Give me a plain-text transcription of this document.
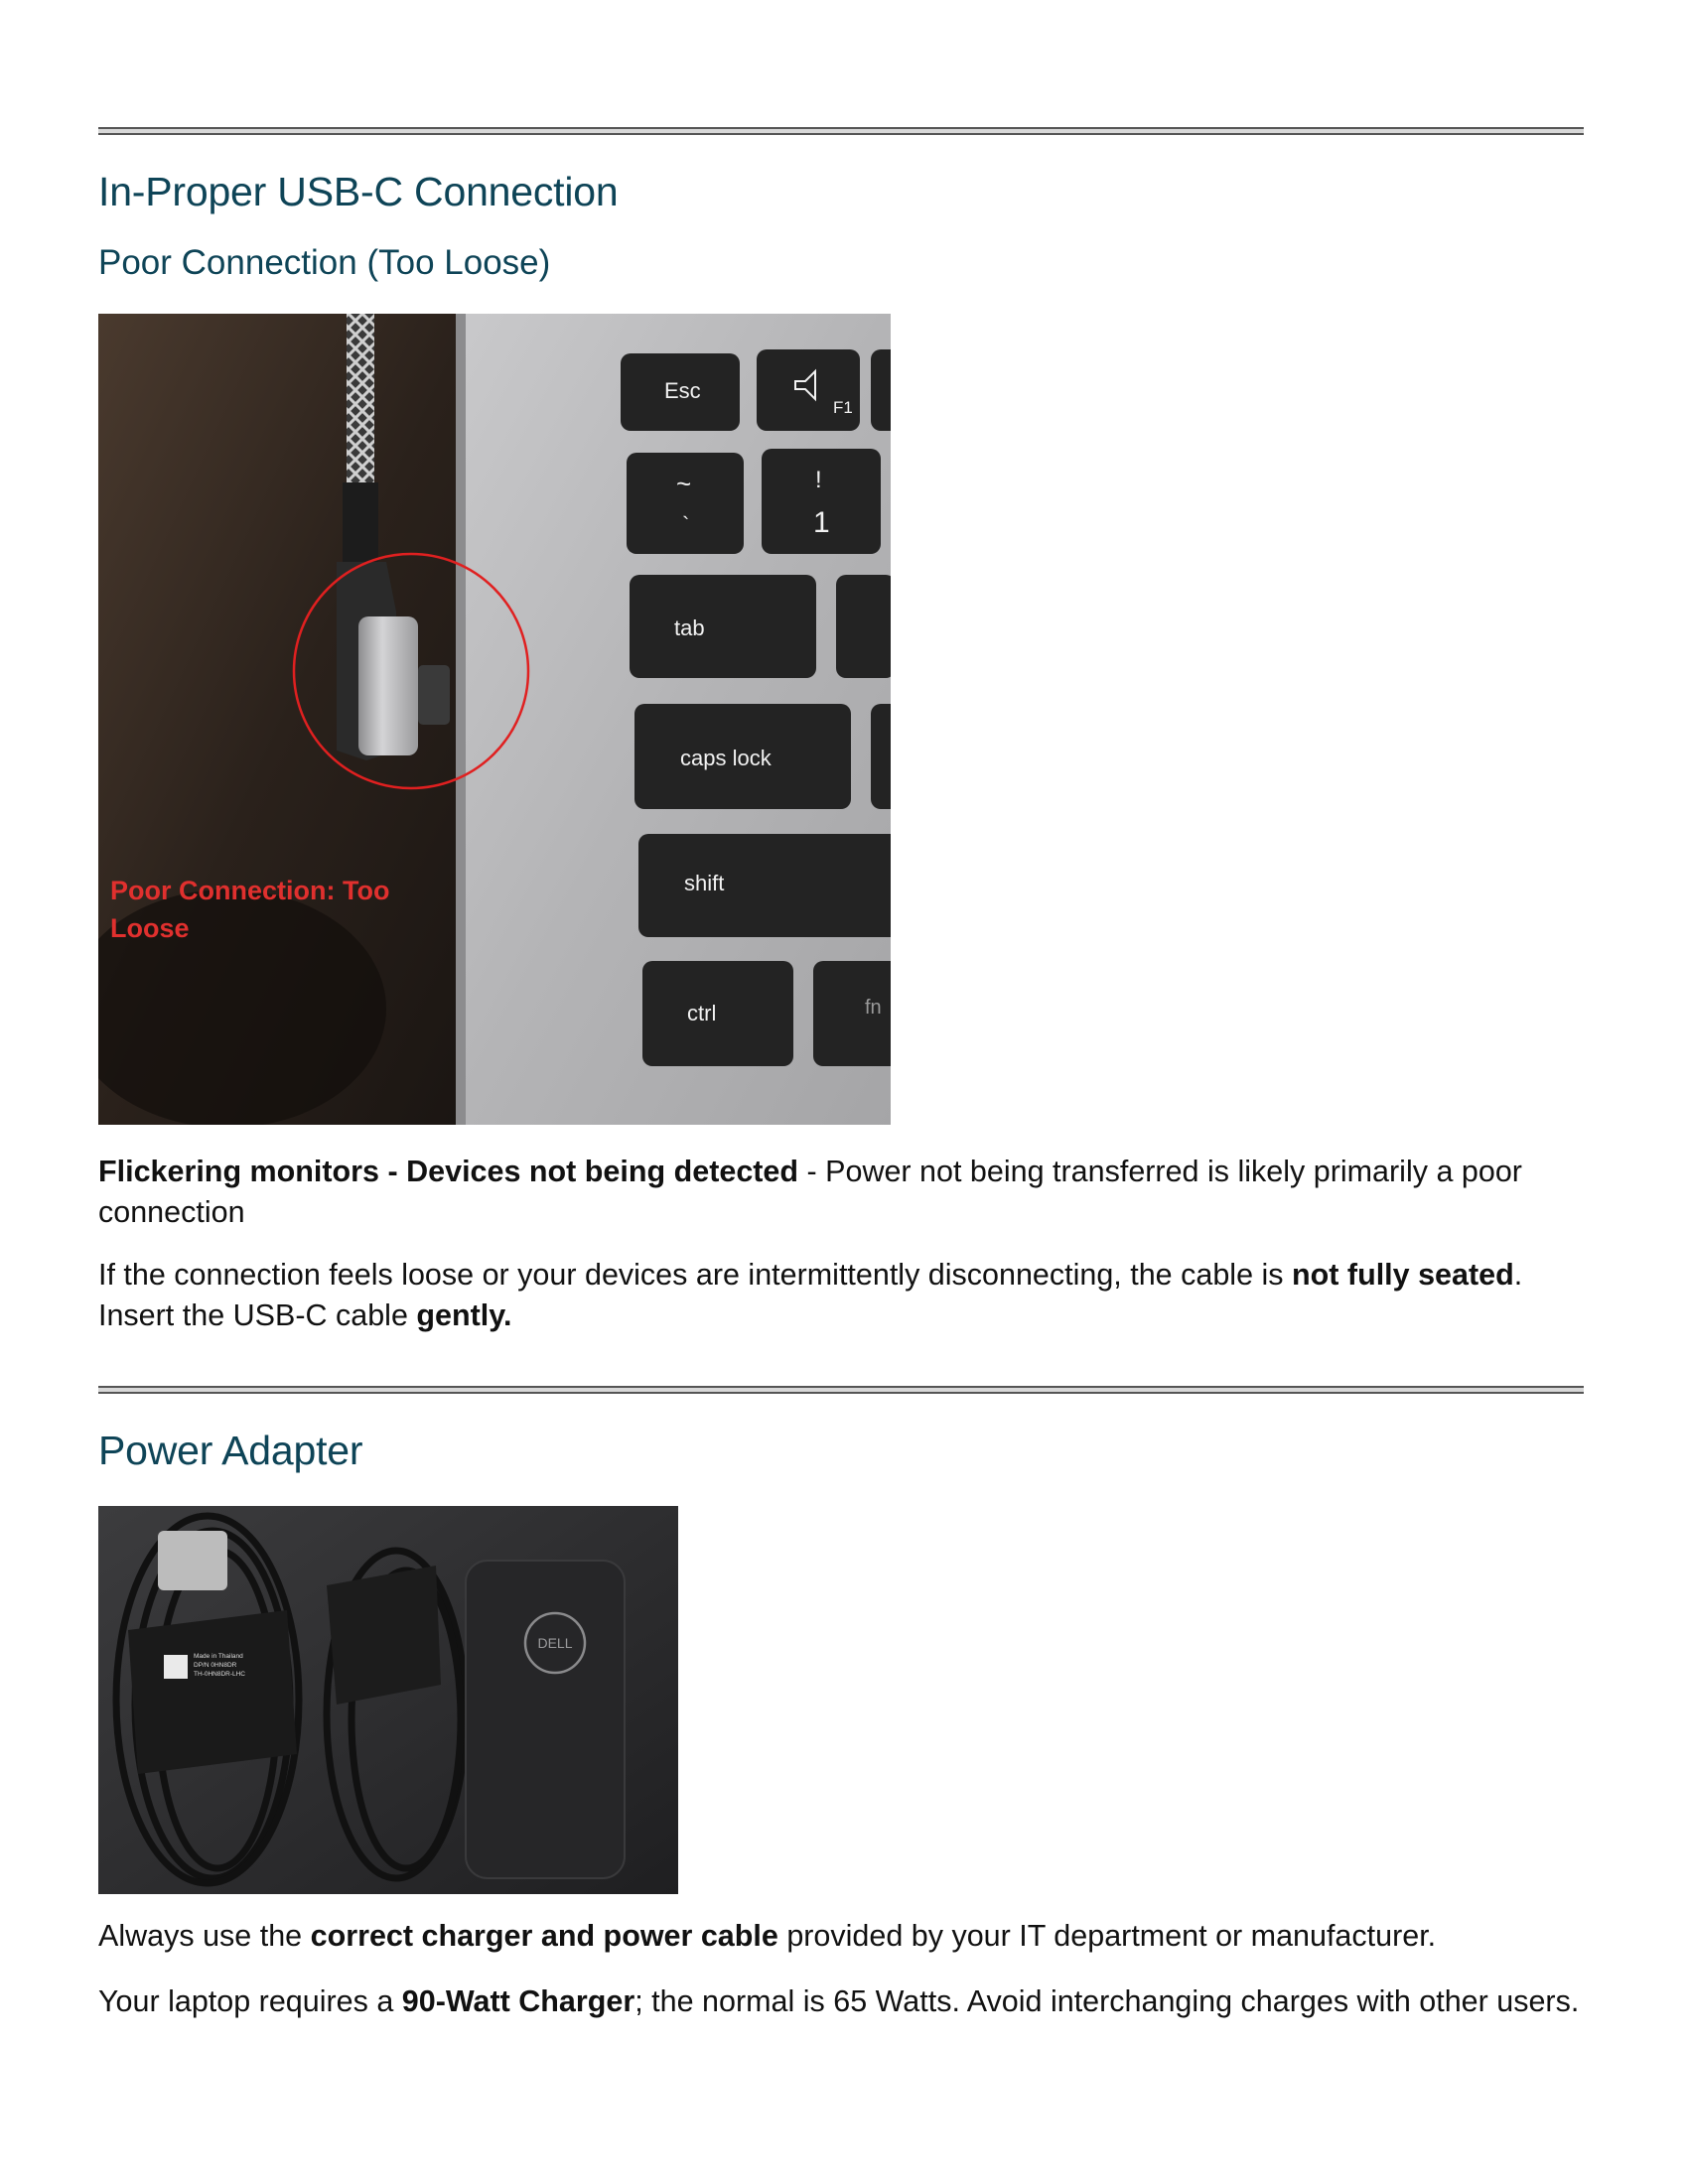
In-Proper USB-C Connection
Poor Connection (Too Loose)
Esc
F1
~
`
!
1
tab
caps lock
shift
ctrl	fn
Poor Connection: Too
Loose

Flickering monitors - Devices not being detected - Power not being transferred is likely primarily a poor connection

If the connection feels loose or your devices are intermittently disconnecting, the cable is not fully seated. Insert the USB-C cable gently.

Power Adapter
Made in Thailand
DP/N 0HN8DR
TH-0HN8DR-LHC
DELL

Always use the correct charger and power cable provided by your IT department or manufacturer.

Your laptop requires a 90-Watt Charger; the normal is 65 Watts. Avoid interchanging charges with other users.
